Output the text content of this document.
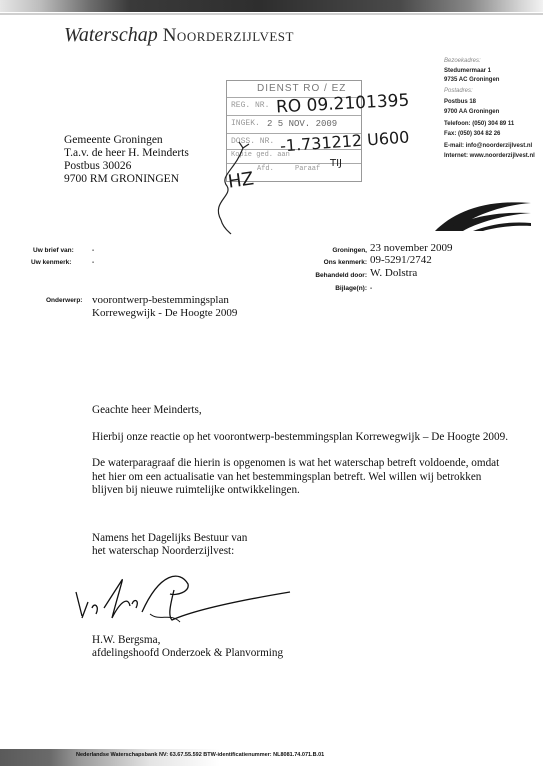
Waterschap Noorderzijlvest
Bezoekadres:
Stedumermaar 1
9735 AC Groningen
Postadres:
Postbus 18
9700 AA Groningen
Telefoon: (050) 304 89 11
Fax: (050) 304 82 26
E-mail: info@noorderzijlvest.nl
Internet: www.noorderzijlvest.nl
Gemeente Groningen
T.a.v. de heer H. Meinderts
Postbus 30026
9700 RM GRONINGEN
DIENST RO / EZ
REG. NR.
INGEK. 2 5 NOV. 2009
DOSS. NR.
Kopie ged. aan
Afd.	Paraaf
RO 09.2101395
-1.731212 U600
TIJ
HZ
Uw brief van:	-
Uw kenmerk:	-
Groningen, 23 november 2009
Ons kenmerk: 09-5291/2742
Behandeld door: W. Dolstra
Bijlage(n): -
Onderwerp: voorontwerp-bestemmingsplan
Korrewegwijk - De Hoogte 2009
Geachte heer Meinderts,
Hierbij onze reactie op het voorontwerp-bestemmingsplan Korrewegwijk – De Hoogte 2009.
De waterparagraaf die hierin is opgenomen is wat het waterschap betreft voldoende, omdat het hier om een actualisatie van het bestemmingsplan betreft. Wel willen wij betrokken blijven bij nieuwe ruimtelijke ontwikkelingen.
Namens het Dagelijks Bestuur van
het waterschap Noorderzijlvest:
H.W. Bergsma,
afdelingshoofd Onderzoek & Planvorming
Nederlandse Waterschapsbank NV: 63.67.55.592 BTW-identificatienummer: NL8081.74.071.B.01
